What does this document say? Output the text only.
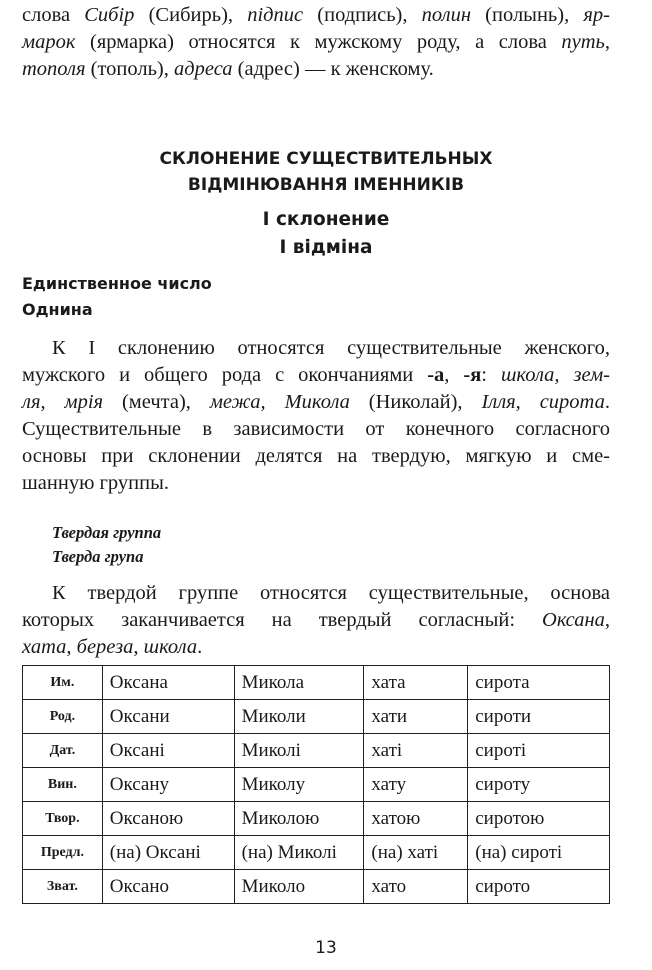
слова Сибір (Сибирь), підпис (подпись), полин (полынь), яр-
марок (ярмарка) относятся к мужскому роду, а слова путь,
тополя (тополь), адреса (адрес) — к женскому.
СКЛОНЕНИЕ СУЩЕСТВИТЕЛЬНЫХ
ВІДМІНЮВАННЯ ІМЕННИКІВ
I склонение
I відміна
Единственное число
Однина
К I склонению относятся существительные женского,
мужского и общего рода с окончаниями -а, -я: школа, зем-
ля, мрія (мечта), межа, Микола (Николай), Ілля, сирота.
Существительные в зависимости от конечного согласного
основы при склонении делятся на твердую, мягкую и сме-
шанную группы.
Твердая группа
Тверда група
К твердой группе относятся существительные, основа
которых заканчивается на твердый согласный: Оксана,
хата, береза, школа.
Им.	Оксана	Микола	хата	сирота
Род.	Оксани	Миколи	хати	сироти
Дат.	Оксані	Миколі	хаті	сироті
Вин.	Оксану	Миколу	хату	сироту
Твор.	Оксаною	Миколою	хатою	сиротою
Предл.	(на) Оксані	(на) Миколі	(на) хаті	(на) сироті
Зват.	Оксано	Миколо	хато	сирото
13
